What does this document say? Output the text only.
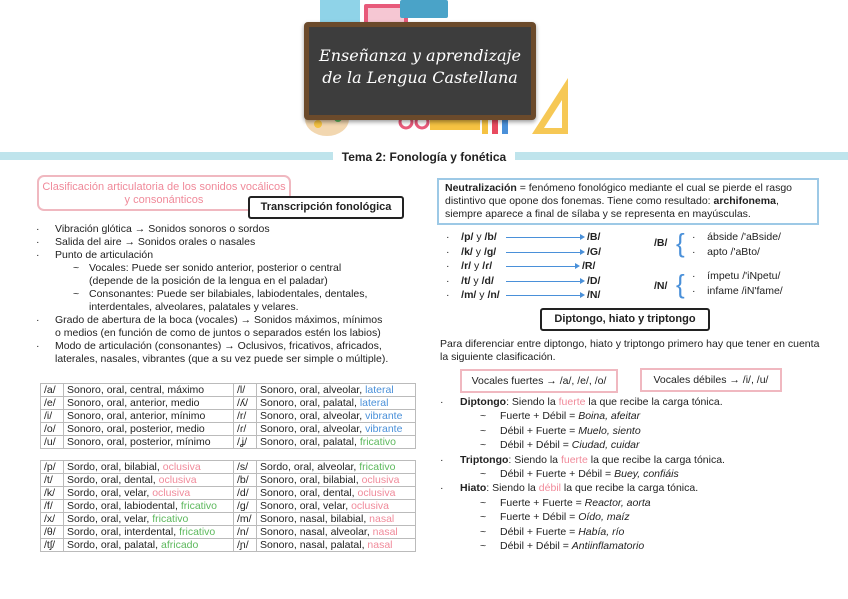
Enseñanza y aprendizaje
de la Lengua Castellana
Tema 2: Fonología y fonética
Clasificación articulatoria de los sonidos vocálicos y consonánticos
Transcripción fonológica
· Vibración glótica → Sonidos sonoros o sordos
· Salida del aire → Sonidos orales o nasales
· Punto de articulación
~ Vocales: Puede ser sonido anterior, posterior o central
(depende de la posición de la lengua en el paladar)
~ Consonantes: Puede ser bilabiales, labiodentales, dentales,
interdentales, alveolares, palatales y velares.
· Grado de abertura de la boca (vocales) → Sonidos máximos, mínimos
o medios (en función de como de juntos o separados estén los labios)
· Modo de articulación (consonantes) → Oclusivos, fricativos, africados,
laterales, nasales, vibrantes (que a su vez puede ser simple o múltiple).
/a/	Sonoro, oral, central, máximo	/l/	Sonoro, oral, alveolar, lateral
/e/	Sonoro, oral, anterior, medio	/ʎ/	Sonoro, oral, palatal, lateral
/i/	Sonoro, oral, anterior, mínimo	/r/	Sonoro, oral, alveolar, vibrante
/o/	Sonoro, oral, posterior, medio	/ɾ/	Sonoro, oral, alveolar, vibrante
/u/	Sonoro, oral, posterior, mínimo	/ʝ/	Sonoro, oral, palatal, fricativo
/p/	Sordo, oral, bilabial, oclusiva	/s/	Sordo, oral, alveolar, fricativo
/t/	Sordo, oral, dental, oclusiva	/b/	Sonoro, oral, bilabial, oclusiva
/k/	Sordo, oral, velar, oclusiva	/d/	Sonoro, oral, dental, oclusiva
/f/	Sordo, oral, labiodental, fricativo	/g/	Sonoro, oral, velar, oclusiva
/x/	Sordo, oral, velar, fricativo	/m/	Sonoro, nasal, bilabial, nasal
/θ/	Sordo, oral, interdental, fricativo	/n/	Sonoro, nasal, alveolar, nasal
/tʃ/	Sordo, oral, palatal, africado	/ɲ/	Sonoro, nasal, palatal, nasal
Neutralización = fenómeno fonológico mediante el cual se pierde el rasgo distintivo que opone dos fonemas. Tiene como resultado: archifonema, siempre aparece a final de sílaba y se representa en mayúsculas.
·    /p/ y /b/	/B/
·    /k/ y /g/	/G/
·    /r/ y /ɾ/	/R/
·    /t/ y /d/	/D/
·    /m/ y /n/	/N/
/B/ { ·    ábside /'aBside/
·    apto /'aBto/
/N/ { ·    ímpetu /'iNpetu/
·    infame /iN'fame/
Diptongo, hiato y triptongo
Para diferenciar entre diptongo, hiato y triptongo primero hay que tener en cuenta la siguiente clasificación.
Vocales fuertes → /a/, /e/, /o/	Vocales débiles → /i/, /u/
· Diptongo: Siendo la fuerte la que recibe la carga tónica.
~ Fuerte + Débil = Boina, afeitar
~ Débil + Fuerte = Muelo, siento
~ Débil + Débil = Ciudad, cuidar
· Triptongo: Siendo la fuerte la que recibe la carga tónica.
~ Débil + Fuerte + Débil = Buey, confiáis
· Hiato: Siendo la débil la que recibe la carga tónica.
~ Fuerte + Fuerte = Reactor, aorta
~ Fuerte + Débil = Oído, maíz
~ Débil + Fuerte = Había, río
~ Débil + Débil = Antiinflamatorio
